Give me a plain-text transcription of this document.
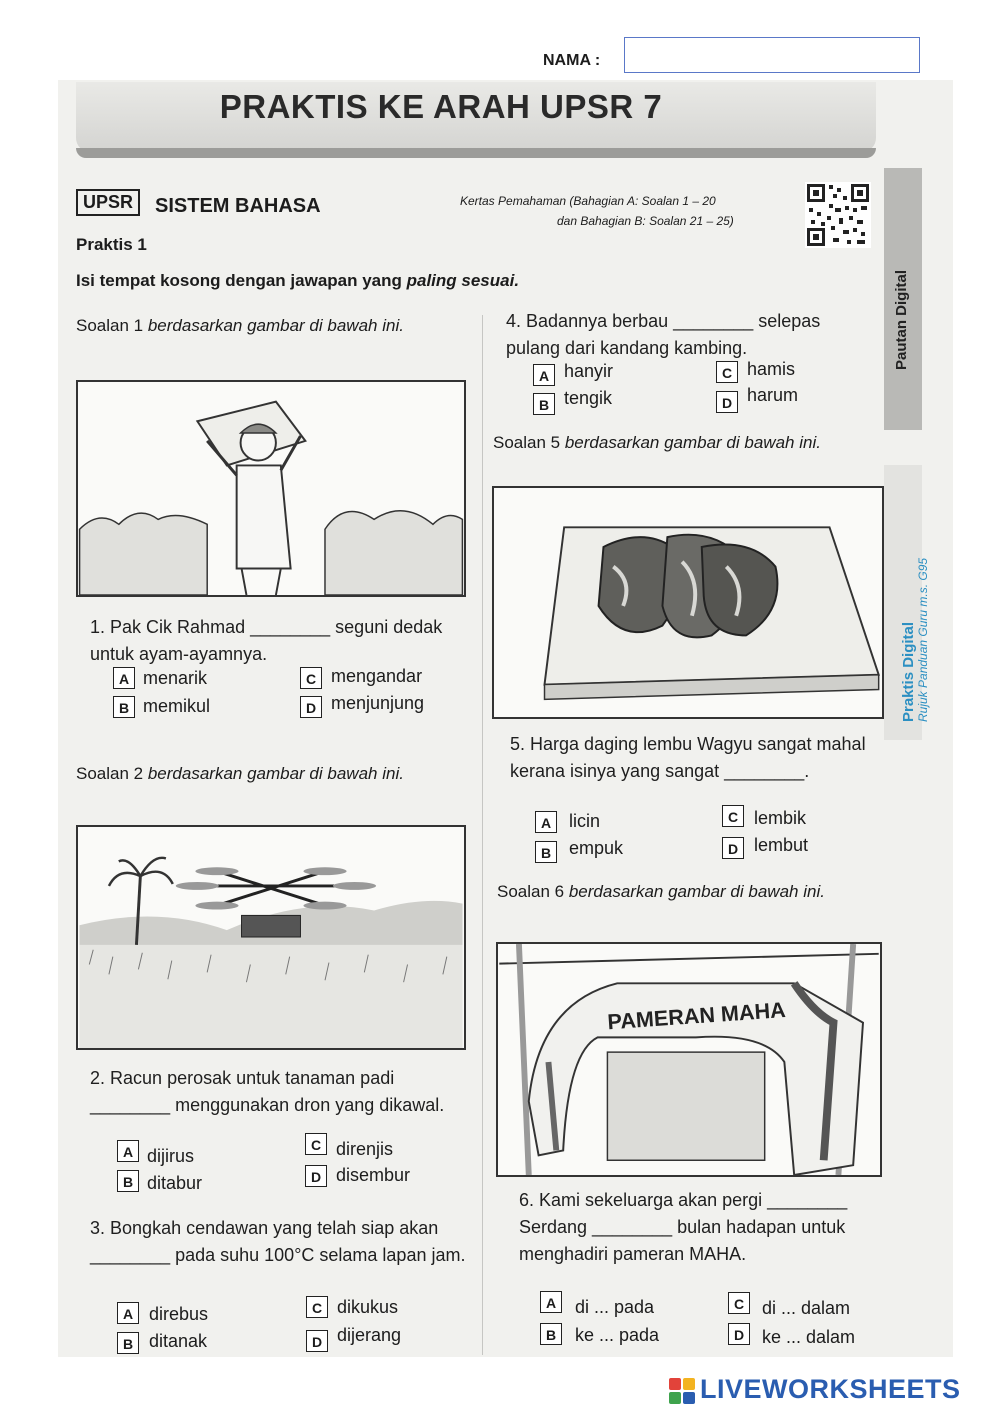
NAMA :
PRAKTIS KE ARAH UPSR 7
UPSR	SISTEM BAHASA	Kertas Pemahaman (Bahagian A: Soalan 1 – 20
dan Bahagian B: Soalan 21 – 25)
Pautan Digital
Praktis Digital Rujuk Panduan Guru m.s. G95
Praktis 1
Isi tempat kosong dengan jawapan yang paling sesuai.
Soalan 1 berdasarkan gambar di bawah ini.
1. Pak Cik Rahmad ________ seguni dedak untuk ayam-ayamnya.
A menarik
B memikul
C mengandar
D menjunjung
Soalan 2 berdasarkan gambar di bawah ini.
2. Racun perosak untuk tanaman padi ________ menggunakan dron yang dikawal.
A dijirus
B ditabur
C direnjis
D disembur
3. Bongkah cendawan yang telah siap akan ________ pada suhu 100°C selama lapan jam.
A direbus
B ditanak
C dikukus
D dijerang
4. Badannya berbau ________ selepas pulang dari kandang kambing.
A hanyir
B tengik
C hamis
D harum
Soalan 5 berdasarkan gambar di bawah ini.
5. Harga daging lembu Wagyu sangat mahal kerana isinya yang sangat ________.
A licin
B empuk
C lembik
D lembut
Soalan 6 berdasarkan gambar di bawah ini.
PAMERAN MAHA
6. Kami sekeluarga akan pergi ________ Serdang ________ bulan hadapan untuk menghadiri pameran MAHA.
A	di ... pada
B	ke ... pada
C di ... dalam
D ke ... dalam
LIVEWORKSHEETS
